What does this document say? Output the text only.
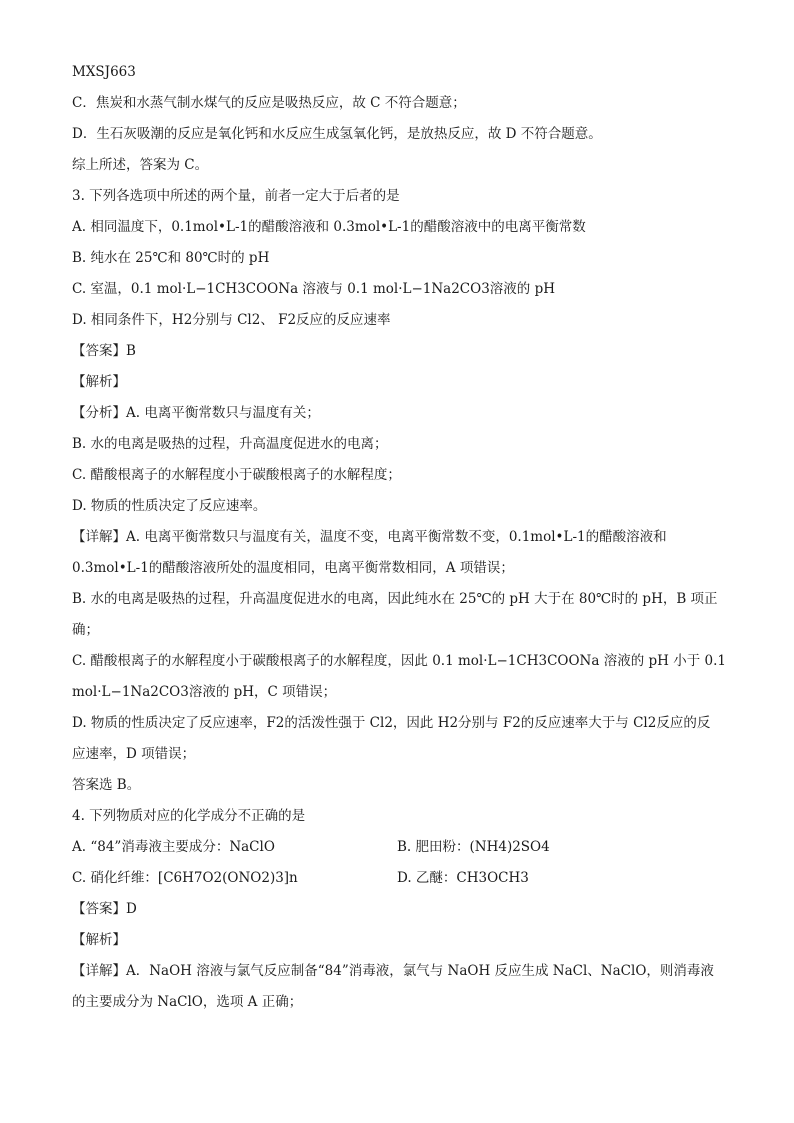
MXSJ663
C．焦炭和水蒸气制水煤气的反应是吸热反应，故 C 不符合题意；
D．生石灰吸潮的反应是氧化钙和水反应生成氢氧化钙，是放热反应，故 D 不符合题意。
综上所述，答案为 C。
3. 下列各选项中所述的两个量，前者一定大于后者的是
A. 相同温度下，0.1mol•L-1的醋酸溶液和 0.3mol•L-1的醋酸溶液中的电离平衡常数
B. 纯水在 25℃和 80℃时的 pH
C. 室温，0.1 mol·L−1CH3COONa 溶液与 0.1 mol·L−1Na2CO3溶液的 pH
D. 相同条件下，H2分别与 Cl2、 F2反应的反应速率
【答案】B
【解析】
【分析】A. 电离平衡常数只与温度有关；
B. 水的电离是吸热的过程，升高温度促进水的电离；
C. 醋酸根离子的水解程度小于碳酸根离子的水解程度；
D. 物质的性质决定了反应速率。
【详解】A. 电离平衡常数只与温度有关，温度不变，电离平衡常数不变，0.1mol•L-1的醋酸溶液和
0.3mol•L-1的醋酸溶液所处的温度相同，电离平衡常数相同，A 项错误；
B. 水的电离是吸热的过程，升高温度促进水的电离，因此纯水在 25℃的 pH 大于在 80℃时的 pH，B 项正
确；
C. 醋酸根离子的水解程度小于碳酸根离子的水解程度，因此 0.1 mol·L−1CH3COONa 溶液的 pH 小于 0.1
mol·L−1Na2CO3溶液的 pH，C 项错误；
D. 物质的性质决定了反应速率，F2的活泼性强于 Cl2，因此 H2分别与 F2的反应速率大于与 Cl2反应的反
应速率，D 项错误；
答案选 B。
4. 下列物质对应的化学成分不正确的是
A. “84”消毒液主要成分：NaClO	B. 肥田粉：(NH4)2SO4
C. 硝化纤维：[C6H7O2(ONO2)3]n	D. 乙醚：CH3OCH3
【答案】D
【解析】
【详解】A．NaOH 溶液与氯气反应制备“84”消毒液，氯气与 NaOH 反应生成 NaCl、NaClO，则消毒液
的主要成分为 NaClO，选项 A 正确；
